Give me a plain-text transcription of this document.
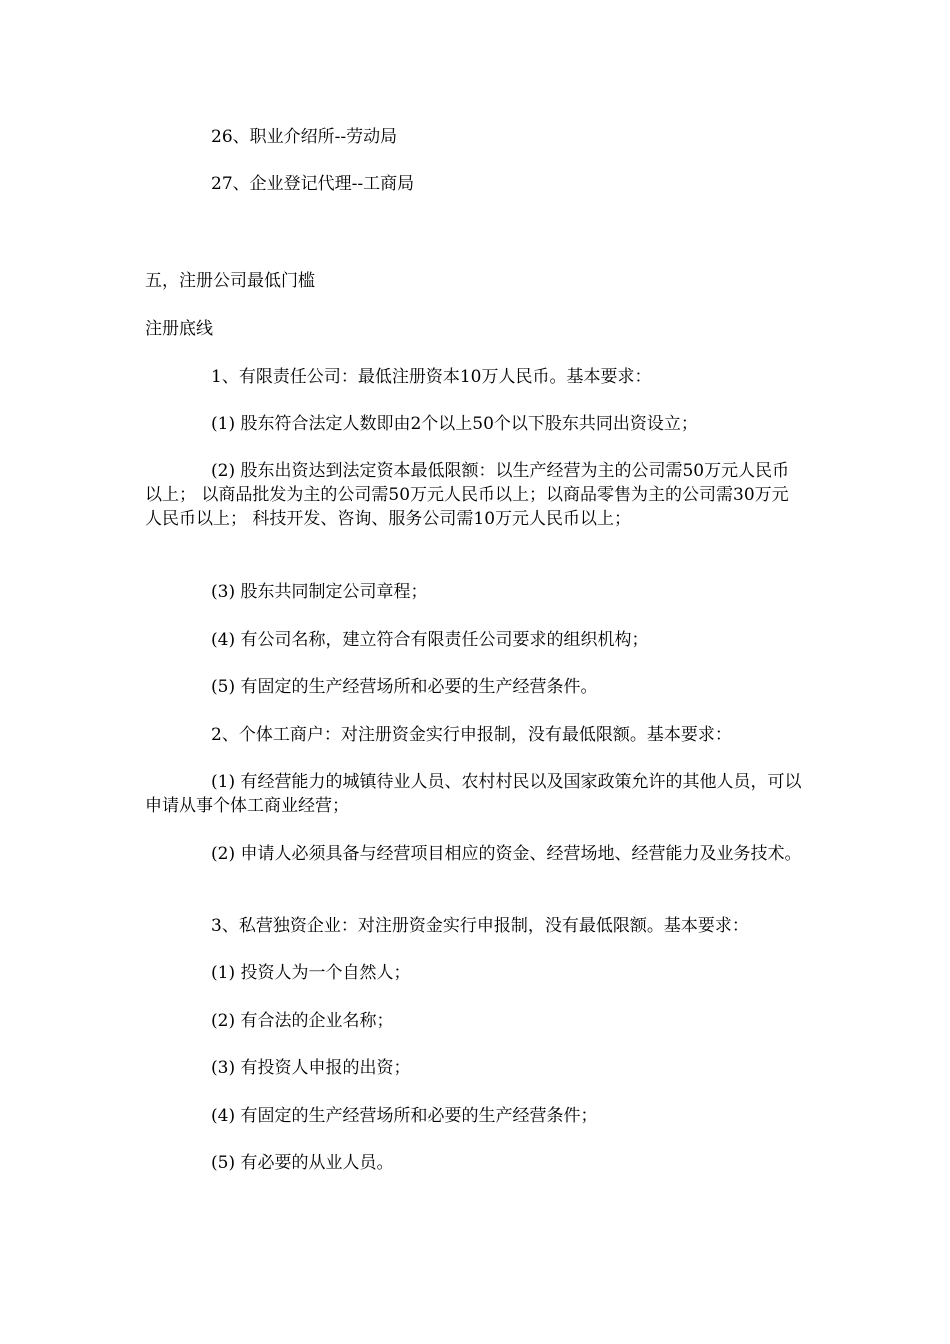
26、职业介绍所--劳动局
27、企业登记代理--工商局
五，注册公司最低门槛
注册底线
1、有限责任公司：最低注册资本10万人民币。基本要求：
(1) 股东符合法定人数即由2个以上50个以下股东共同出资设立；
(2) 股东出资达到法定资本最低限额：以生产经营为主的公司需50万元人民币以上； 以商品批发为主的公司需50万元人民币以上；以商品零售为主的公司需30万元人民币以上； 科技开发、咨询、服务公司需10万元人民币以上；
(3) 股东共同制定公司章程；
(4) 有公司名称，建立符合有限责任公司要求的组织机构；
(5) 有固定的生产经营场所和必要的生产经营条件。
2、个体工商户：对注册资金实行申报制，没有最低限额。基本要求：
(1) 有经营能力的城镇待业人员、农村村民以及国家政策允许的其他人员，可以申请从事个体工商业经营；
(2) 申请人必须具备与经营项目相应的资金、经营场地、经营能力及业务技术。
3、私营独资企业：对注册资金实行申报制，没有最低限额。基本要求：
(1) 投资人为一个自然人；
(2) 有合法的企业名称；
(3) 有投资人申报的出资；
(4) 有固定的生产经营场所和必要的生产经营条件；
(5) 有必要的从业人员。
